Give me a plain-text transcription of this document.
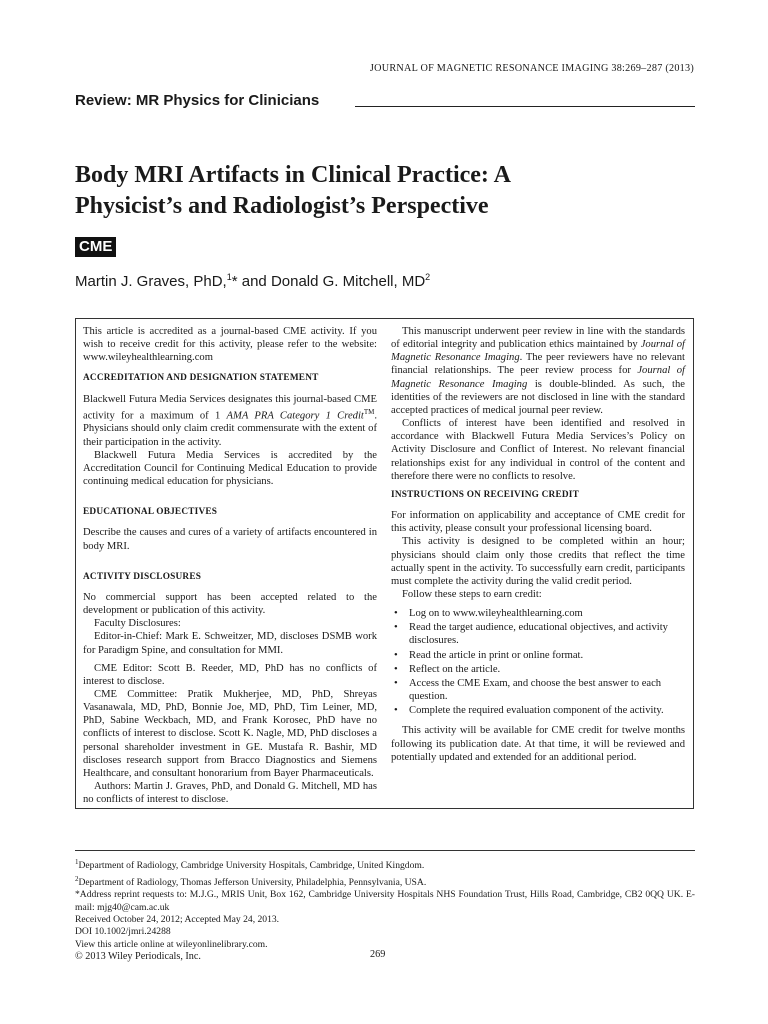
JOURNAL OF MAGNETIC RESONANCE IMAGING 38:269–287 (2013)
Review: MR Physics for Clinicians
Body MRI Artifacts in Clinical Practice: A
Physicist’s and Radiologist’s Perspective
CME
Martin J. Graves, PhD,$^1$* and Donald G. Mitchell, $MD^2$

This article is accredited as a journal-based CME activity. If you wish to receive credit for this activity, please refer to the website: www.wileyhealthlearning.com

ACCREDITATION AND DESIGNATION STATEMENT

Blackwell Futura Media Services designates this journal-based CME activity for a maximum of 1 AMA PRA Category 1 Credit™. Physicians should only claim credit commensurate with the extent of their participation in the activity.

Blackwell Futura Media Services is accredited by the Accreditation Council for Continuing Medical Education to provide continuing medical education for physicians.

EDUCATIONAL OBJECTIVES

Describe the causes and cures of a variety of artifacts encountered in body MRI.

ACTIVITY DISCLOSURES

No commercial support has been accepted related to the development or publication of this activity.

Faculty Disclosures:

Editor-in-Chief: Mark E. Schweitzer, MD, discloses DSMB work for Paradigm Spine, and consultation for MMI.

CME Editor: Scott B. Reeder, MD, PhD has no conflicts of interest to disclose.

CME Committee: Pratik Mukherjee, MD, PhD, Shreyas Vasanawala, MD, PhD, Bonnie Joe, MD, PhD, Tim Leiner, MD, PhD, Sabine Weckbach, MD, and Frank Korosec, PhD have no conflicts of interest to disclose. Scott K. Nagle, MD, PhD discloses a personal shareholder investment in GE. Mustafa R. Bashir, MD discloses research support from Bracco Diagnostics and Siemens Healthcare, and consultant honorarium from Bayer Pharmaceuticals.

Authors: Martin J. Graves, PhD, and Donald G. Mitchell, MD has no conflicts of interest to disclose.

This manuscript underwent peer review in line with the standards of editorial integrity and publication ethics maintained by Journal of Magnetic Resonance Imaging. The peer reviewers have no relevant financial relationships. The peer review process for Journal of Magnetic Resonance Imaging is double-blinded. As such, the identities of the reviewers are not disclosed in line with the standard accepted practices of medical journal peer review.

Conflicts of interest have been identified and resolved in accordance with Blackwell Futura Media Services’s Policy on Activity Disclosure and Conflict of Interest. No relevant financial relationships exist for any individual in control of the content and therefore there were no conflicts to resolve.

INSTRUCTIONS ON RECEIVING CREDIT

For information on applicability and acceptance of CME credit for this activity, please consult your professional licensing board.

This activity is designed to be completed within an hour; physicians should claim only those credits that reflect the time actually spent in the activity. To successfully earn credit, participants must complete the activity during the valid credit period.

Follow these steps to earn credit:

• Log on to www.wileyhealthlearning.com
• Read the target audience, educational objectives, and activity disclosures.
• Read the article in print or online format.
• Reflect on the article.
• Access the CME Exam, and choose the best answer to each question.
• Complete the required evaluation component of the activity.

This activity will be available for CME credit for twelve months following its publication date. At that time, it will be reviewed and potentially updated and extended for an additional period.

$^1$Department of Radiology, Cambridge University Hospitals, Cambridge, United Kingdom.

$^2$Department of Radiology, Thomas Jefferson University, Philadelphia, Pennsylvania, USA.

*Address reprint requests to: M.J.G., MRIS Unit, Box 162, Cambridge University Hospitals NHS Foundation Trust, Hills Road, Cambridge, CB2 0QQ UK. E-mail: mjg40@cam.ac.uk

Received October 24, 2012; Accepted May 24, 2013.

DOI 10.1002/jmri.24288

View this article online at wileyonlinelibrary.com.

© 2013 Wiley Periodicals, Inc.	269
